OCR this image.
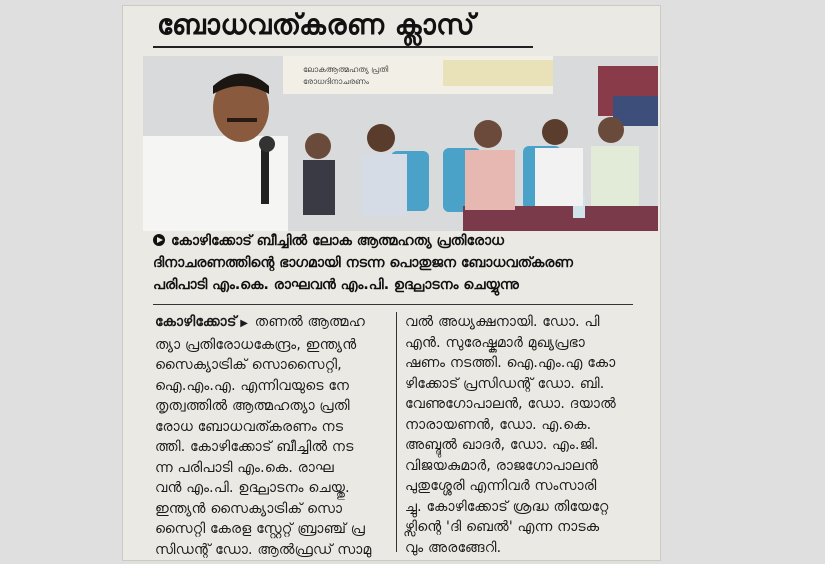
ബോധവത്കരണ ക്ലാസ്
ലോകആത്മഹത്യ പ്രതി
രോധദിനാചരണം
കോഴിക്കോട് ബീച്ചിൽ ലോക ആത്മഹത്യ പ്രതിരോധ
ദിനാചരണത്തിന്റെ ഭാഗമായി നടന്ന പൊതുജന ബോധവത്കരണ
പരിപാടി എം.കെ. രാഘവൻ എം.പി. ഉദ്ഘാടനം ചെയ്യുന്നു
കോഴിക്കോട് ▶ തണൽ ആത്മഹ
ത്യാ പ്രതിരോധകേന്ദ്രം, ഇന്ത്യൻ
സൈക്യാട്രിക് സൊസൈറ്റി,
ഐ.എം.എ. എന്നിവയുടെ നേ
തൃത്വത്തിൽ ആത്മഹത്യാ പ്രതി
രോധ ബോധവത്കരണം നട
ത്തി. കോഴിക്കോട് ബീച്ചിൽ നട
ന്ന പരിപാടി എം.കെ. രാഘ
വൻ എം.പി. ഉദ്ഘാടനം ചെയ്തു.
ഇന്ത്യൻ സൈക്യാട്രിക് സൊ
സൈറ്റി കേരള സ്റ്റേറ്റ് ബ്രാഞ്ച് പ്ര
സിഡന്റ് ഡോ. ആൽഫ്രഡ് സാമു
വൽ അധ്യക്ഷനായി. ഡോ. പി
എൻ. സുരേഷ്കുമാർ മുഖ്യപ്രഭാ
ഷണം നടത്തി. ഐ.എം.എ കോ
ഴിക്കോട് പ്രസിഡന്റ് ഡോ. ബി.
വേണുഗോപാലൻ, ഡോ. ദയാൽ
നാരായണൻ, ഡോ. എ.കെ.
അബ്ദുൽ ഖാദർ, ഡോ. എം.ജി.
വിജയകുമാർ, രാജഗോപാലൻ
പുതുശ്ശേരി എന്നിവർ സംസാരി
ച്ചു. കോഴിക്കോട് ശ്രദ്ധ തിയേറ്റേ
ഴ്സിന്റെ 'ദി ബെൽ' എന്ന നാടക
വും അരങ്ങേറി.
